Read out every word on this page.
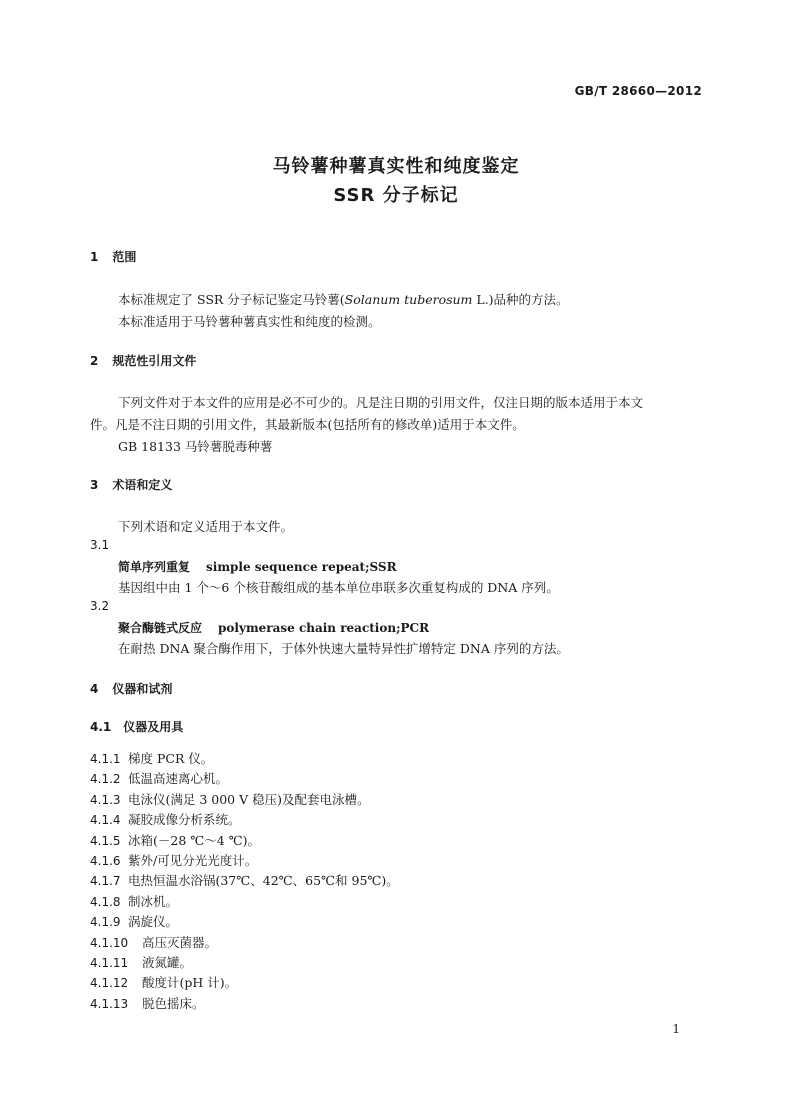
GB/T 28660—2012
马铃薯种薯真实性和纯度鉴定
SSR 分子标记
1 范围
本标准规定了 SSR 分子标记鉴定马铃薯(Solanum tuberosum L.)品种的方法。
本标准适用于马铃薯种薯真实性和纯度的检测。
2 规范性引用文件
下列文件对于本文件的应用是必不可少的。凡是注日期的引用文件，仅注日期的版本适用于本文
件。凡是不注日期的引用文件，其最新版本(包括所有的修改单)适用于本文件。
GB 18133 马铃薯脱毒种薯
3 术语和定义
下列术语和定义适用于本文件。
3.1
简单序列重复 simple sequence repeat;SSR
基因组中由 1 个～6 个核苷酸组成的基本单位串联多次重复构成的 DNA 序列。
3.2
聚合酶链式反应 polymerase chain reaction;PCR
在耐热 DNA 聚合酶作用下，于体外快速大量特异性扩增特定 DNA 序列的方法。
4 仪器和试剂
4.1 仪器及用具
4.1.1 梯度 PCR 仪。
4.1.2 低温高速离心机。
4.1.3 电泳仪(满足 3 000 V 稳压)及配套电泳槽。
4.1.4 凝胶成像分析系统。
4.1.5 冰箱(－28 ℃～4 ℃)。
4.1.6 紫外/可见分光光度计。
4.1.7 电热恒温水浴锅(37℃、42℃、65℃和 95℃)。
4.1.8 制冰机。
4.1.9 涡旋仪。
4.1.10 高压灭菌器。
4.1.11 液氮罐。
4.1.12 酸度计(pH 计)。
4.1.13 脱色摇床。
1
